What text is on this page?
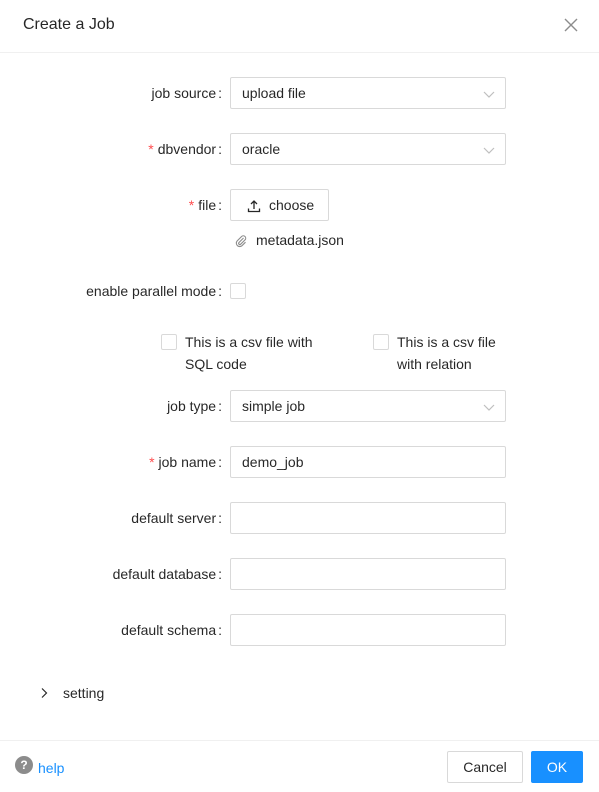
Create a Job
job source : upload file
* dbvendor : oracle
* file :	choose
metadata.json
enable parallel mode :
This is a csv file with
SQL code
This is a csv file
with relation
job type : simple job
* job name : demo_job
default server :
default database :
default schema :
setting
? help	Cancel	OK
